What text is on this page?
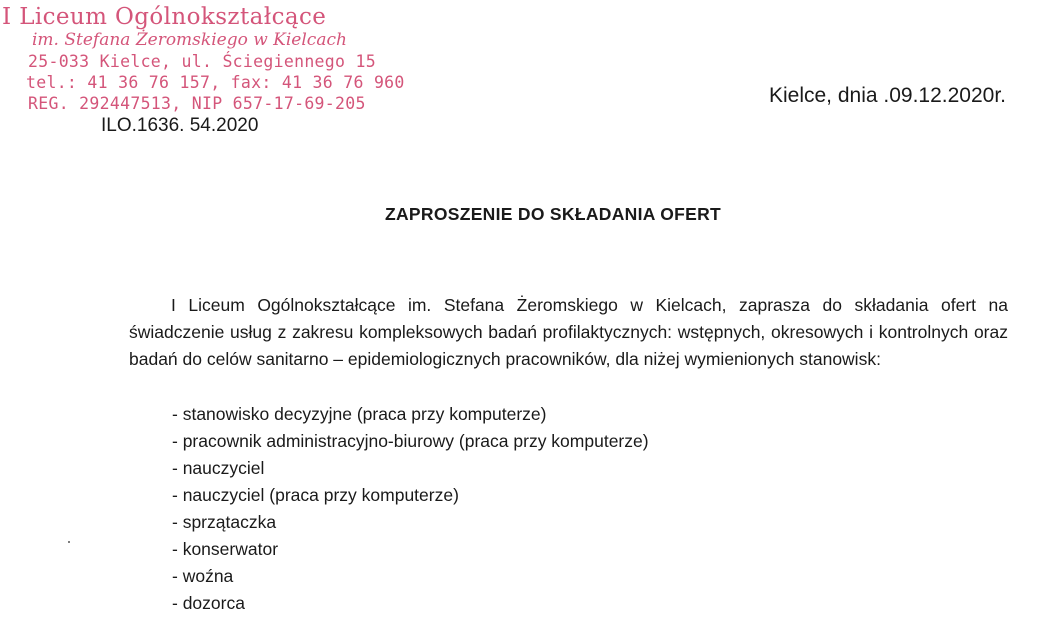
I Liceum Ogólnokształcące
im. Stefana Żeromskiego w Kielcach
25-033 Kielce, ul. Ściegiennego 15
tel.: 41 36 76 157, fax: 41 36 76 960
REG. 292447513, NIP 657-17-69-205
ILO.1636. 54.2020
Kielce, dnia .09.12.2020r.
ZAPROSZENIE DO SKŁADANIA OFERT

I Liceum Ogólnokształcące im. Stefana Żeromskiego w Kielcach, zaprasza do składania ofert na świadczenie usług z zakresu kompleksowych badań profilaktycznych: wstępnych, okresowych i kontrolnych oraz badań do celów sanitarno – epidemiologicznych pracowników, dla niżej wymienionych stanowisk:

- stanowisko decyzyjne (praca przy komputerze)
- pracownik administracyjno-biurowy (praca przy komputerze)
- nauczyciel
- nauczyciel (praca przy komputerze)
- sprzątaczka
- konserwator
- woźna
- dozorca
